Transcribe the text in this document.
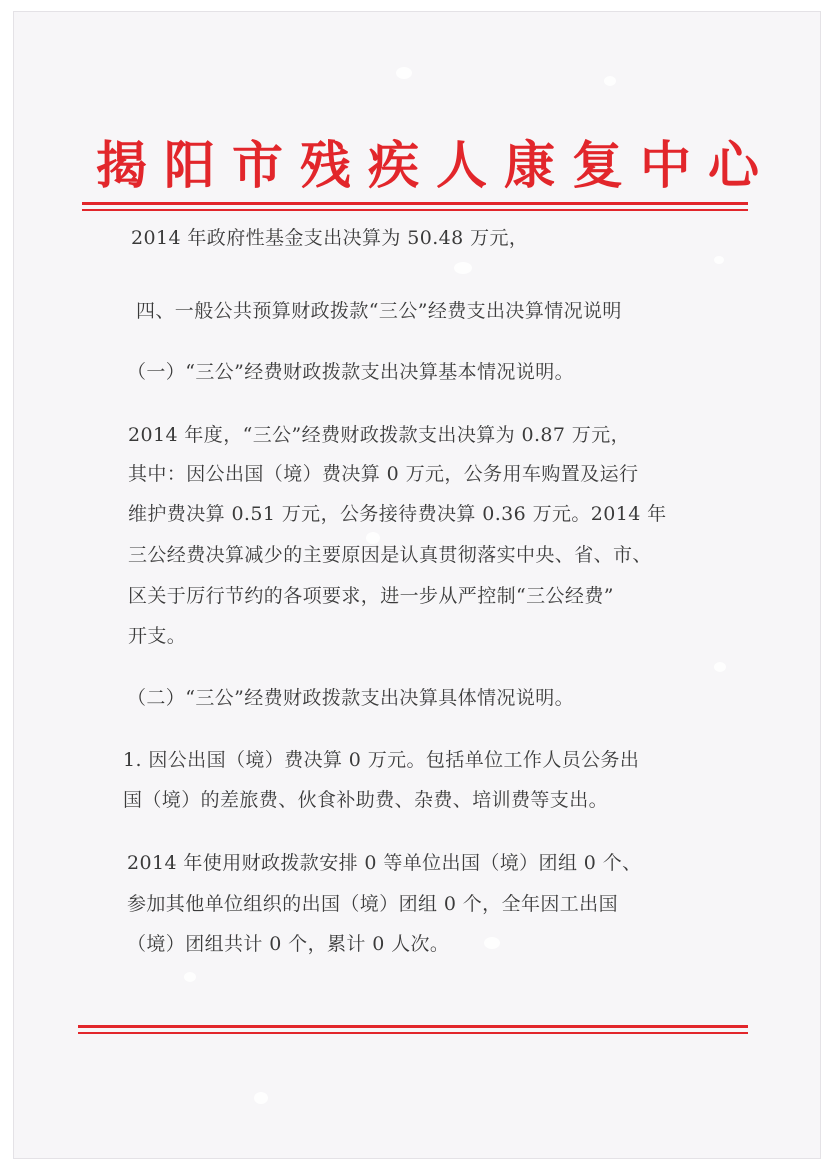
揭阳市残疾人康复中心

2014 年政府性基金支出决算为 50.48 万元，

四、一般公共预算财政拨款“三公”经费支出决算情况说明

（一）“三公”经费财政拨款支出决算基本情况说明。

2014 年度，“三公”经费财政拨款支出决算为 0.87 万元，

其中：因公出国（境）费决算 0 万元，公务用车购置及运行

维护费决算 0.51 万元，公务接待费决算 0.36 万元。2014 年

三公经费决算减少的主要原因是认真贯彻落实中央、省、市、

区关于厉行节约的各项要求，进一步从严控制“三公经费”

开支。

（二）“三公”经费财政拨款支出决算具体情况说明。

1. 因公出国（境）费决算 0 万元。包括单位工作人员公务出

国（境）的差旅费、伙食补助费、杂费、培训费等支出。

2014 年使用财政拨款安排 0 等单位出国（境）团组 0 个、

参加其他单位组织的出国（境）团组 0 个，全年因工出国

（境）团组共计 0 个，累计 0 人次。
